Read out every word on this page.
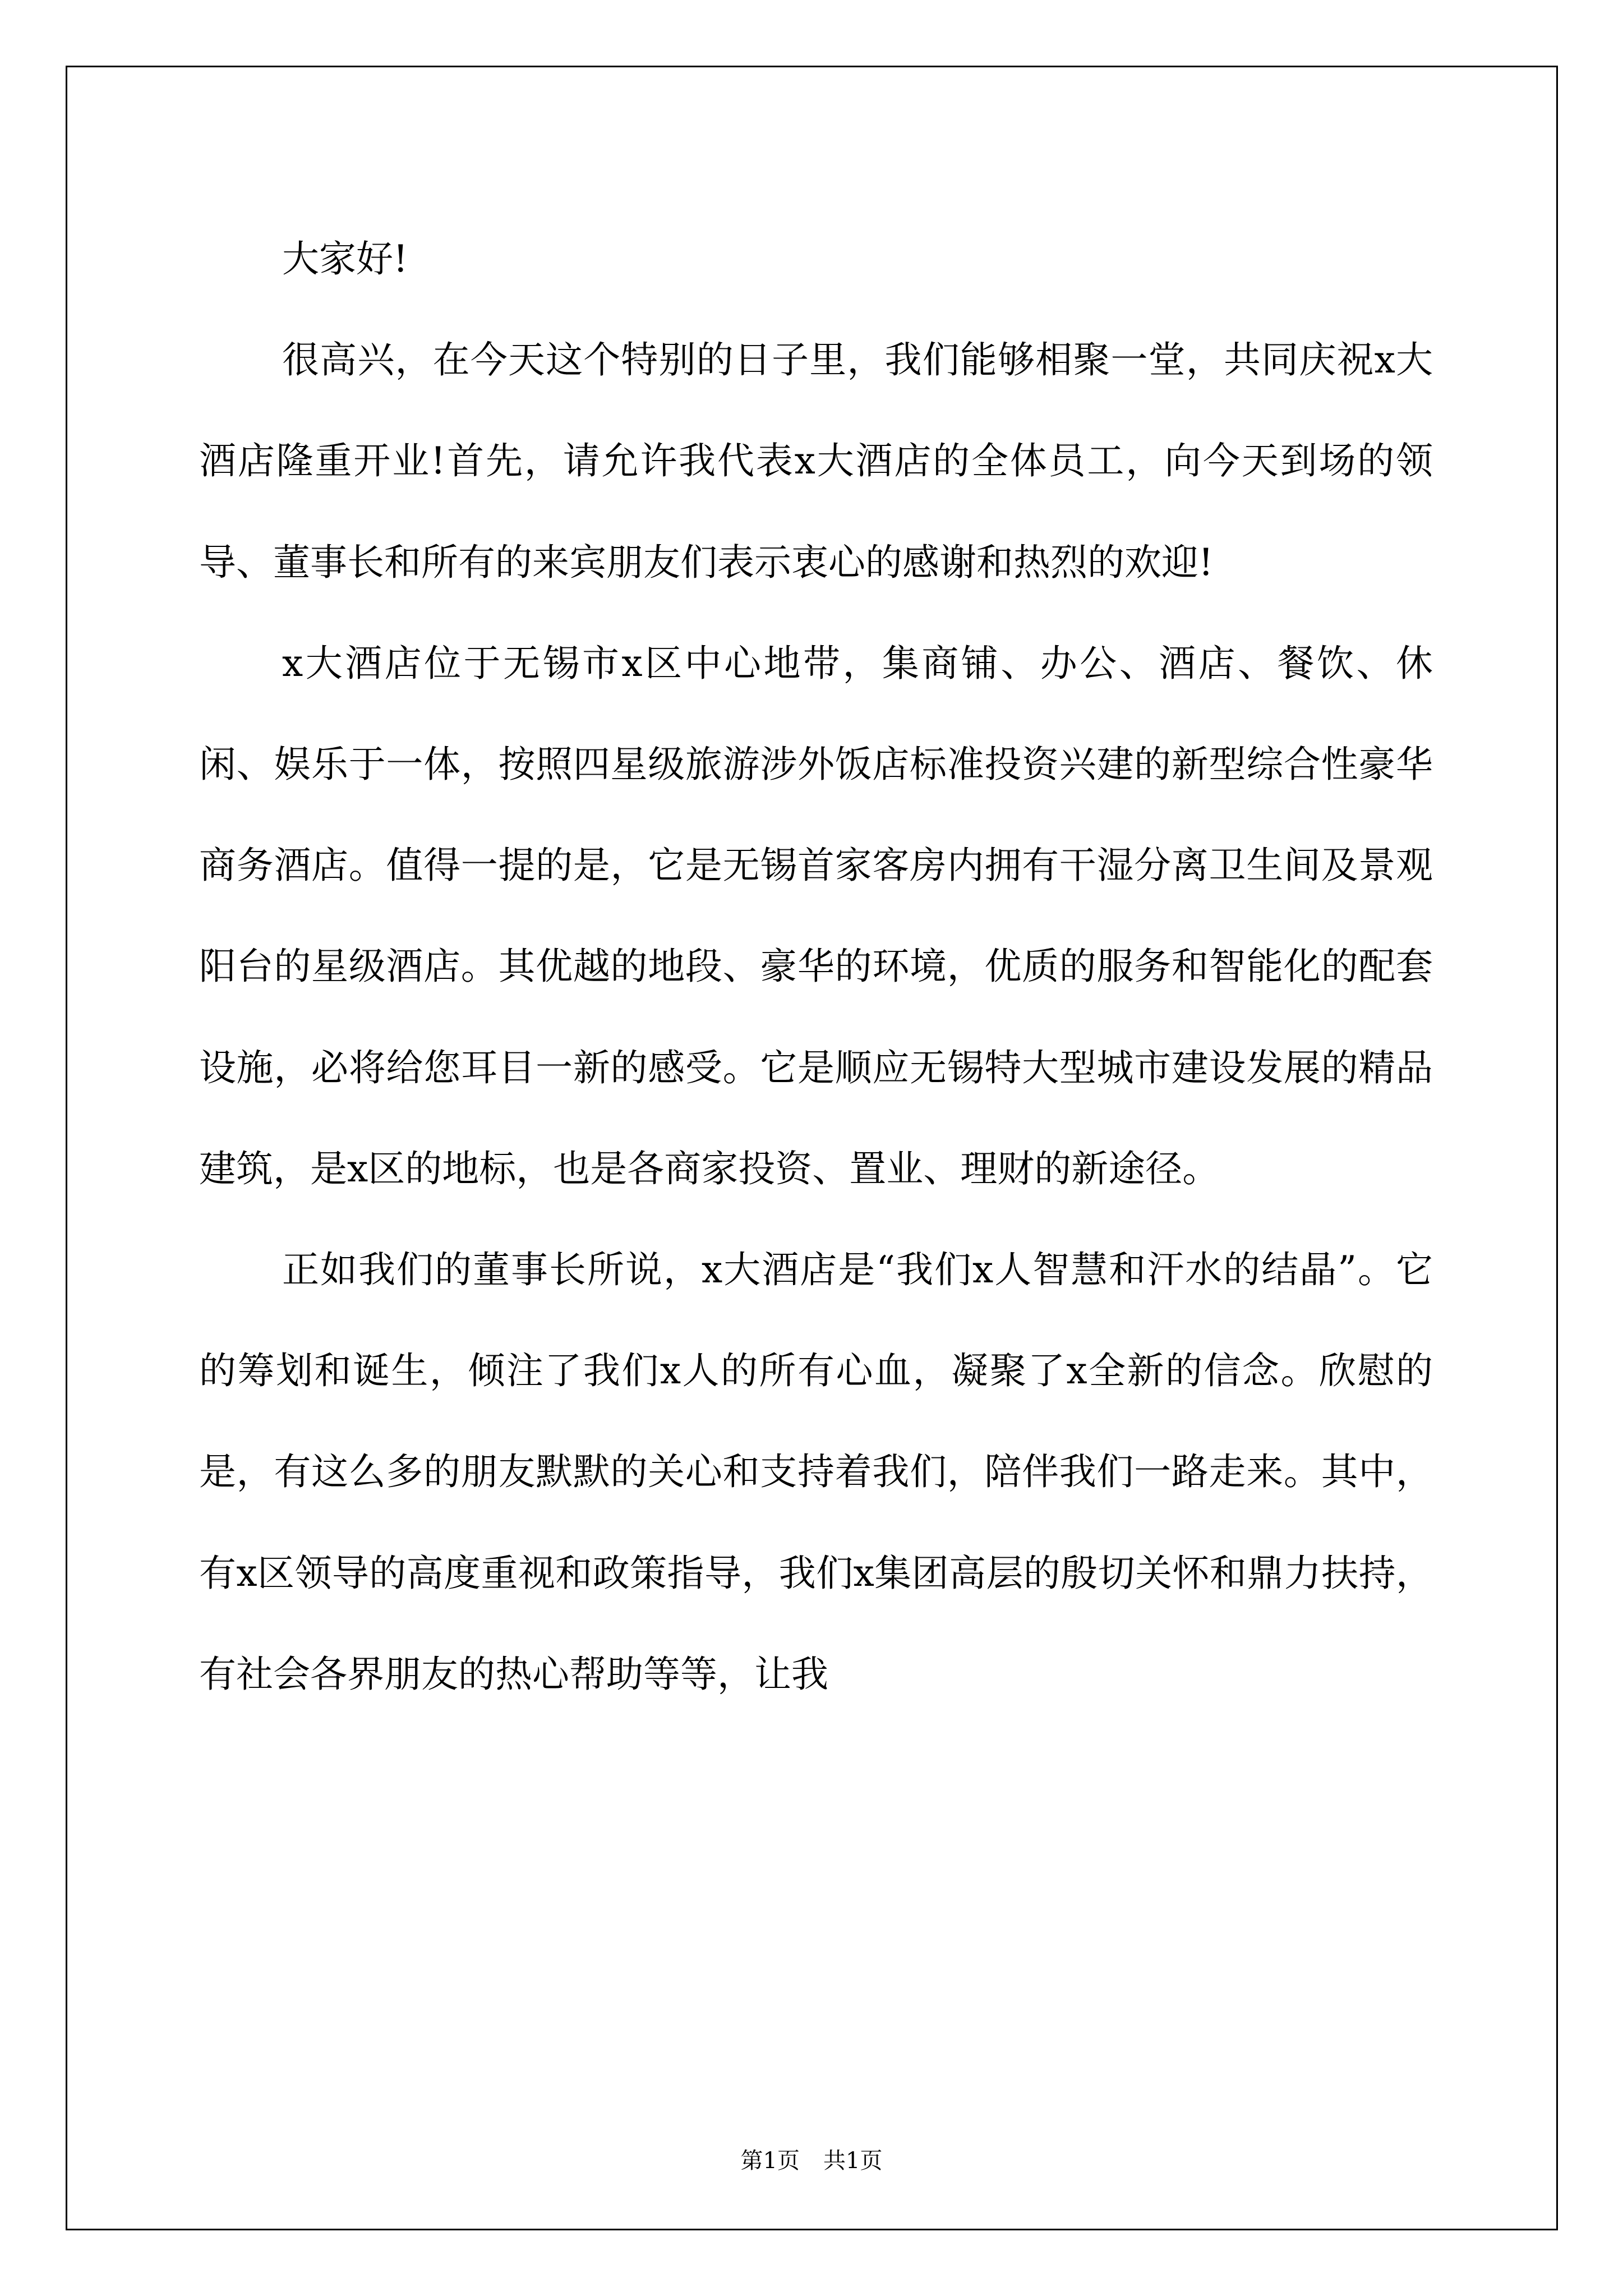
大家好!

很高兴，在今天这个特别的日子里，我们能够相聚一堂，共同庆祝x大酒店隆重开业!首先，请允许我代表x大酒店的全体员工，向今天到场的领导、董事长和所有的来宾朋友们表示衷心的感谢和热烈的欢迎!

x大酒店位于无锡市x区中心地带，集商铺、办公、酒店、餐饮、休闲、娱乐于一体，按照四星级旅游涉外饭店标准投资兴建的新型综合性豪华商务酒店。值得一提的是，它是无锡首家客房内拥有干湿分离卫生间及景观阳台的星级酒店。其优越的地段、豪华的环境，优质的服务和智能化的配套设施，必将给您耳目一新的感受。它是顺应无锡特大型城市建设发展的精品建筑，是x区的地标，也是各商家投资、置业、理财的新途径。

正如我们的董事长所说，x大酒店是“我们x人智慧和汗水的结晶”。它的筹划和诞生，倾注了我们x人的所有心血，凝聚了x全新的信念。欣慰的是，有这么多的朋友默默的关心和支持着我们，陪伴我们一路走来。其中，有x区领导的高度重视和政策指导，我们x集团高层的殷切关怀和鼎力扶持，有社会各界朋友的热心帮助等等，让我

第1页 共1页
